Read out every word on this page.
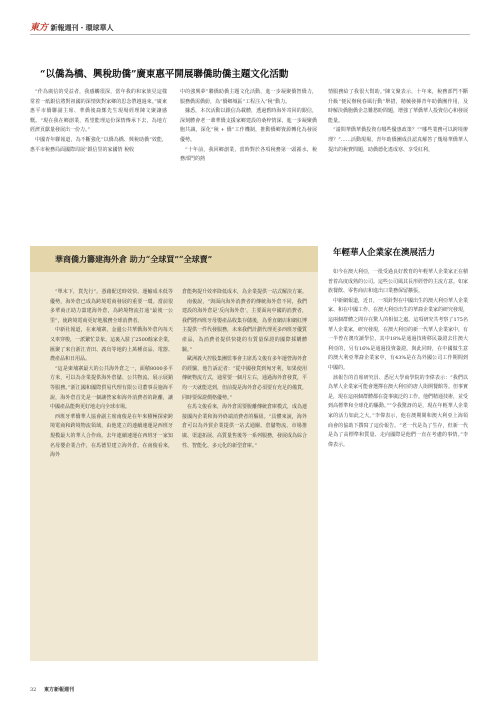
東方 新報週刊・環球華人
“以僑為橋、興稅助僑”廣東惠平開展聯僑助僑主題文化活動

“作為廣信的受益者，我感觸很深，當年我的和家族見這樣常着一紙銀信將對祖國的深情與對家鄉的思念帶越過來。”廣東惠平市僑聯副主席、華僑後裔鄭先生現場經理陳文聚讓感慨。“現在我在鄉創業，希望能理這份深情傳承下去，為地方經濟貢獻量發展出一份力。”

中國青年聯報道，為不斷強化“以僑為橋、興稅助僑”效能，惠平市稅務局面國際周展“銀信里的家國情 稅收

中的強興夢”聯僑助僑主題文化活動，進一步凝聚僑智僑力，服務僑需僑紛，為“僑鄉城區”工程注入“稅”動力。

據悉，本次活動以銀信為載體，透過舊時海外寄回的銀信，深刻體會老一輩華僑支援家鄉建設的桑梓情深，進一步凝聚僑胞共識，深化“稅 + 僑”工作機制，推動僑鄉資源轉化為發展優勢。

“十年前，我回鄉創業，當時對於各項稅務第一頭霧水，稅務部門的熱

情服務給了我很大幫助。”陳文聚表示，十年來，稅務部門不斷升級“便民辦稅春風行動”舉措，精械發揮青年助僑團作用，及時解決僑胞僑企急難愁盼問題，增強了華僑華人投資信心和發展能量。

“請問華僑華僑投資有哪些優惠政策？”“哪些業務可以跨境辦理？”……活動現場，青年助僑團成員認真解答了幾場華僑華人提出的稅費問題，助僑德化遙成寒、享受紅利。

年輕華人企業家在澳展活力

如今在澳大利亞，一批受過良好教育的年輕華人企業家正在積普着高度成熟的公司。這些公司風其長形經營的主流方意。如家族餐飲、零售商店和進出口業務保留擴張。

中新網報道，近日，一項針對在中國出生的澳大利亞華人企業家、和在中國工作、在澳大利亞出生的華裔企業家的研究發現，這兩個群體之間存在驚人的相似之處。這項研究共考察了175名華人企業家，研究發現，在澳大利亞的新一代華人企業家中，有一半曾在澳攻讀學位，其中18%是通過技術移民簽證去往澳大利亞的，另有16%是通過投資簽證。與此同時，在中國做生意的澳大利亞華裔企業家中，有43%是在為外國公司工作期間到中國的。

該報告的首席研究員、悉尼大學商學院的李偉表示：“我們以為華人企業家可能會選擇在澳大利亞的唐人街開餐館等。但事實是，現在這兩個群體都在從事廣泛的工作。他們精通技術，並受到高標準和全球化的驅動。”“令我驚訝的是，現在年輕華人企業家的活力如此之大。”李偉表示，他在澳期間和澳大利亞上海領商會的協助下撰寫了這份報告。“老一代是為了生存，但新一代是為了高標準和質量、走向國際是他們一直在考慮的事情。”李偉表示。

華商僑力籌建海外倉 助力“全球買”“全球賣”

“單末下，貨先行”。憑藉配送時效快、運輸成本低等優勢，海外倉已成為跨境電商發展的重要一環。當前很多華商正助力籌建海外倉，為跨境物流打通“最後一公里”，使跨境電商更好地服務全球消費者。

中新社報道，在東埔寨，金邊公共華僑海外倉內每天又車穿梭，一派繁忙景象。這裏入駐了2500餘家企業，匯聚了來自浙江青田、義烏等地的上萬種食品、電器、農產品和日用品。

“這是柬埔寨最大的公共海外倉之一，面積8000多平方米，可以為企業提供海外倉儲、公共物流、展示展銷等服務。”浙江國和國際貿易代理有限公司董事長施海平說，海外倉首先是一個讓營家和海外消費者的距離，讓中國產品能夠更好地走向全球市場。

西班牙華僑華人協會副主席南俊是在年來積極探索跨境電商和跨境物流領域，由他建立的連續速運是西班牙規模最大的華人合作商。去年連續速運在西班牙一家知名母嬰企業合作，在馬德里建立海外倉。在南俊看來，海外

倉能夠提升效率降低成本，為企業提供一站式解決方案。

南俊說，“與面向海外消費者的傳統海外倉不同，我們建設的海外倉是‘反向海外倉’，主要面向中國的消費者，我們將西班牙母嬰產品收集存儲後，為垂直網店和網紅博主提供一件代發服務，未來我們計劃代理更多西班牙優質產品，為消費者提供快捷的有質量保證的國際採購體驗。”

歐洲義大控股集團監事會主席馬文俊有多年運營海外倉的經驗，他告訴記者：“從中國發貨到匈牙利，如果使用傳統物流方式，通常要一個月左右，通過海外倉發貨，平均一天就能送到，但前提是海外倉必須要有充足的備貨，同時要保證價格優勢。”

在馬文俊看來，海外倉需要脫離傳統倉庫模式，成為連接國內企業和海外終端消費者的樞紐。“具體來說，海外倉可以為外貿企業提供一站式通關、倉儲物流、市場推廣、渠道拓展、高質量售後等一系列服務，發展成為綜合性、智能化、多元化的新型倉庫。”

32 東方新報週刊
